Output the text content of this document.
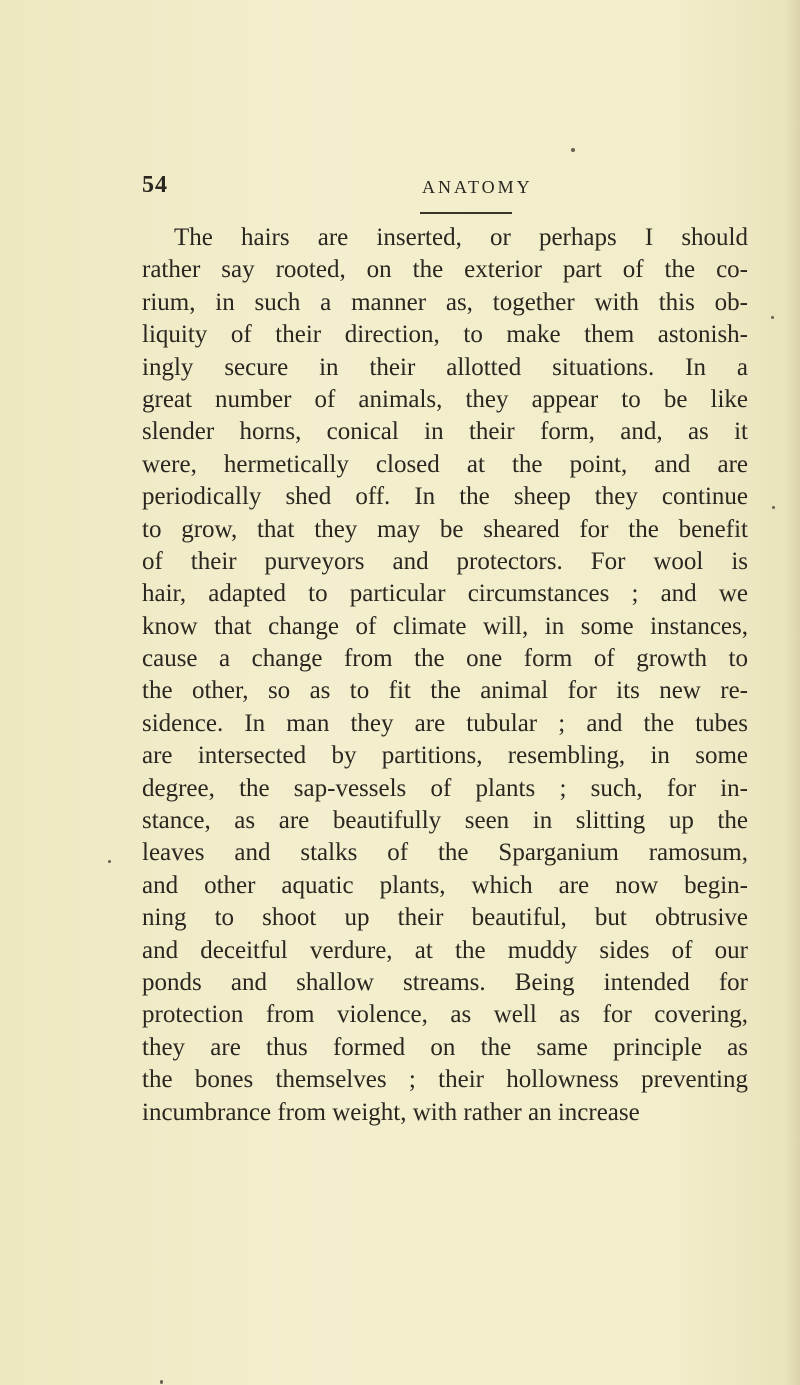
54	ANATOMY
The hairs are inserted, or perhaps I should
rather say rooted, on the exterior part of the co-
rium, in such a manner as, together with this ob-
liquity of their direction, to make them astonish-
ingly secure in their allotted situations. In a
great number of animals, they appear to be like
slender horns, conical in their form, and, as it
were, hermetically closed at the point, and are
periodically shed off. In the sheep they continue
to grow, that they may be sheared for the benefit
of their purveyors and protectors. For wool is
hair, adapted to particular circumstances ; and we
know that change of climate will, in some instances,
cause a change from the one form of growth to
the other, so as to fit the animal for its new re-
sidence. In man they are tubular ; and the tubes
are intersected by partitions, resembling, in some
degree, the sap-vessels of plants ; such, for in-
stance, as are beautifully seen in slitting up the
leaves and stalks of the Sparganium ramosum,
and other aquatic plants, which are now begin-
ning to shoot up their beautiful, but obtrusive
and deceitful verdure, at the muddy sides of our
ponds and shallow streams. Being intended for
protection from violence, as well as for covering,
they are thus formed on the same principle as
the bones themselves ; their hollowness preventing
incumbrance from weight, with rather an increase
